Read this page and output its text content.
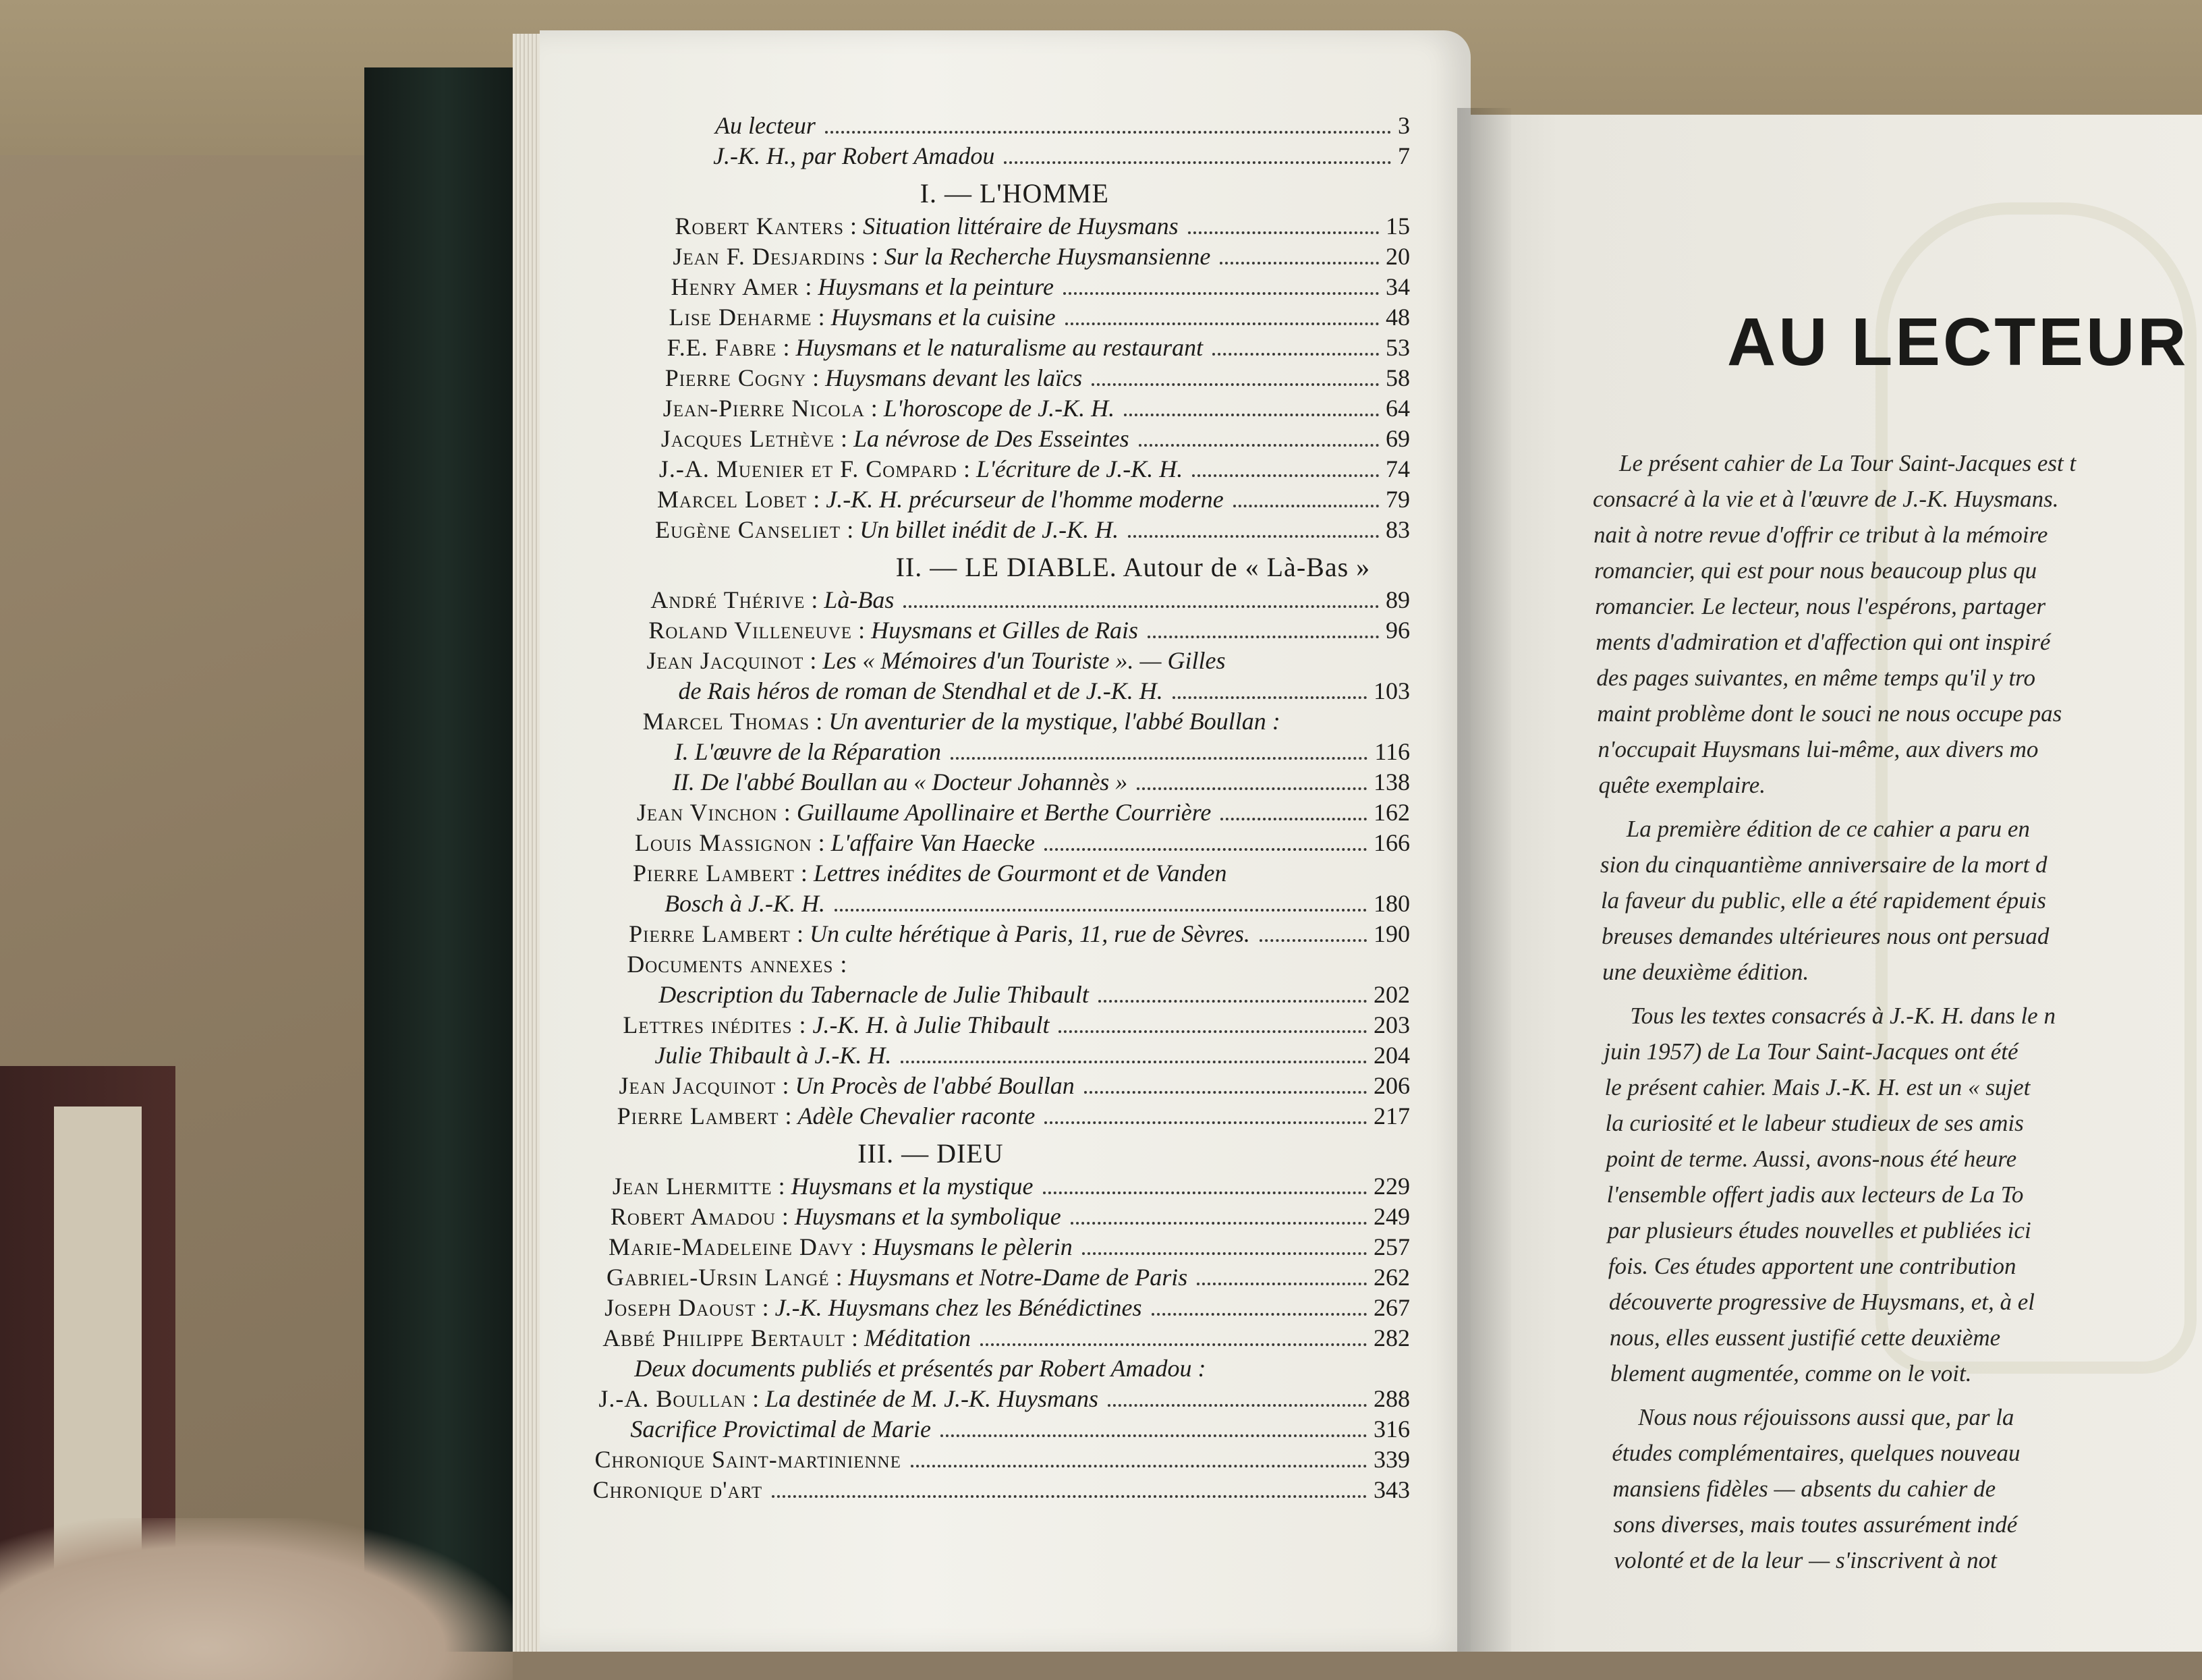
Au lecteur	3
J.-K. H., par Robert Amadou	7
I. — L'HOMME
Robert Kanters : Situation littéraire de Huysmans	15
Jean F. Desjardins : Sur la Recherche Huysmansienne	20
Henry Amer : Huysmans et la peinture	34
Lise Deharme : Huysmans et la cuisine	48
F.E. Fabre : Huysmans et le naturalisme au restaurant	53
Pierre Cogny : Huysmans devant les laïcs	58
Jean-Pierre Nicola : L'horoscope de J.-K. H.	64
Jacques Lethève : La névrose de Des Esseintes	69
J.-A. Muenier et F. Compard : L'écriture de J.-K. H.	74
Marcel Lobet : J.-K. H. précurseur de l'homme moderne	79
Eugène Canseliet : Un billet inédit de J.-K. H.	83
II. — LE DIABLE. Autour de « Là-Bas »
André Thérive : Là-Bas	89
Roland Villeneuve : Huysmans et Gilles de Rais	96
Jean Jacquinot : Les « Mémoires d'un Touriste ». — Gilles
de Rais héros de roman de Stendhal et de J.-K. H.	103
Marcel Thomas : Un aventurier de la mystique, l'abbé Boullan :
I. L'œuvre de la Réparation	116
II. De l'abbé Boullan au « Docteur Johannès »	138
Jean Vinchon : Guillaume Apollinaire et Berthe Courrière	162
Louis Massignon : L'affaire Van Haecke	166
Pierre Lambert : Lettres inédites de Gourmont et de Vanden
Bosch à J.-K. H.	180
Pierre Lambert : Un culte hérétique à Paris, 11, rue de Sèvres.	190
Documents annexes :
Description du Tabernacle de Julie Thibault	202
Lettres inédites : J.-K. H. à Julie Thibault	203
Julie Thibault à J.-K. H.	204
Jean Jacquinot : Un Procès de l'abbé Boullan	206
Pierre Lambert : Adèle Chevalier raconte	217
III. — DIEU
Jean Lhermitte : Huysmans et la mystique	229
Robert Amadou : Huysmans et la symbolique	249
Marie-Madeleine Davy : Huysmans le pèlerin	257
Gabriel-Ursin Langé : Huysmans et Notre-Dame de Paris	262
Joseph Daoust : J.-K. Huysmans chez les Bénédictines	267
Abbé Philippe Bertault : Méditation	282
Deux documents publiés et présentés par Robert Amadou :
J.-A. Boullan : La destinée de M. J.-K. Huysmans	288
Sacrifice Provictimal de Marie	316
Chronique Saint-martinienne	339
Chronique d'art	343
AU LECTEUR
Le présent cahier de La Tour Saint-Jacques est t
consacré à la vie et à l'œuvre de J.-K. Huysmans.
nait à notre revue d'offrir ce tribut à la mémoire
romancier, qui est pour nous beaucoup plus qu
romancier. Le lecteur, nous l'espérons, partager
ments d'admiration et d'affection qui ont inspiré
des pages suivantes, en même temps qu'il y tro
maint problème dont le souci ne nous occupe pas
n'occupait Huysmans lui-même, aux divers mo
quête exemplaire.
La première édition de ce cahier a paru en
sion du cinquantième anniversaire de la mort d
la faveur du public, elle a été rapidement épuis
breuses demandes ultérieures nous ont persuad
une deuxième édition.
Tous les textes consacrés à J.-K. H. dans le n
juin 1957) de La Tour Saint-Jacques ont été
le présent cahier. Mais J.-K. H. est un « sujet
la curiosité et le labeur studieux de ses amis
point de terme. Aussi, avons-nous été heure
l'ensemble offert jadis aux lecteurs de La To
par plusieurs études nouvelles et publiées ici
fois. Ces études apportent une contribution
découverte progressive de Huysmans, et, à el
nous, elles eussent justifié cette deuxième
blement augmentée, comme on le voit.
Nous nous réjouissons aussi que, par la
études complémentaires, quelques nouveau
mansiens fidèles — absents du cahier de
sons diverses, mais toutes assurément indé
volonté et de la leur — s'inscrivent à not
